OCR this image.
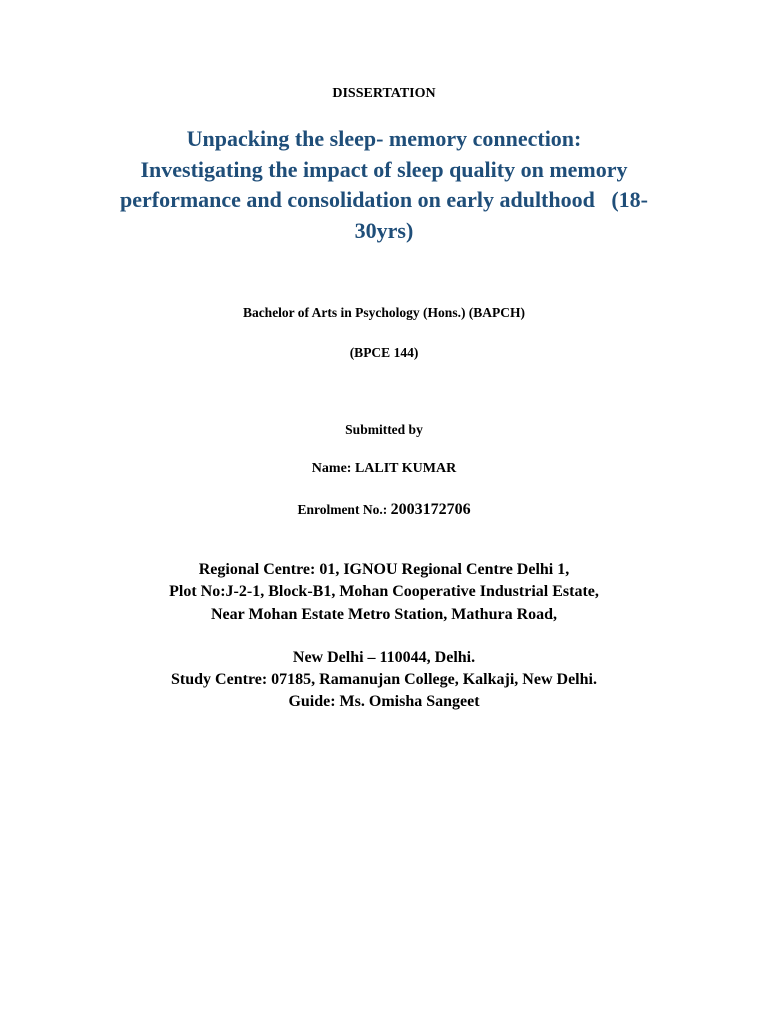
DISSERTATION
Unpacking the sleep- memory connection:
Investigating the impact of sleep quality on memory
performance and consolidation on early adulthood   (18-
30yrs)
Bachelor of Arts in Psychology (Hons.) (BAPCH)
(BPCE 144)
Submitted by
Name: LALIT KUMAR
Enrolment No.: 2003172706
Regional Centre: 01, IGNOU Regional Centre Delhi 1,
Plot No:J-2-1, Block-B1, Mohan Cooperative Industrial Estate,
Near Mohan Estate Metro Station, Mathura Road,
New Delhi – 110044, Delhi.
Study Centre: 07185, Ramanujan College, Kalkaji, New Delhi.
Guide: Ms. Omisha Sangeet
